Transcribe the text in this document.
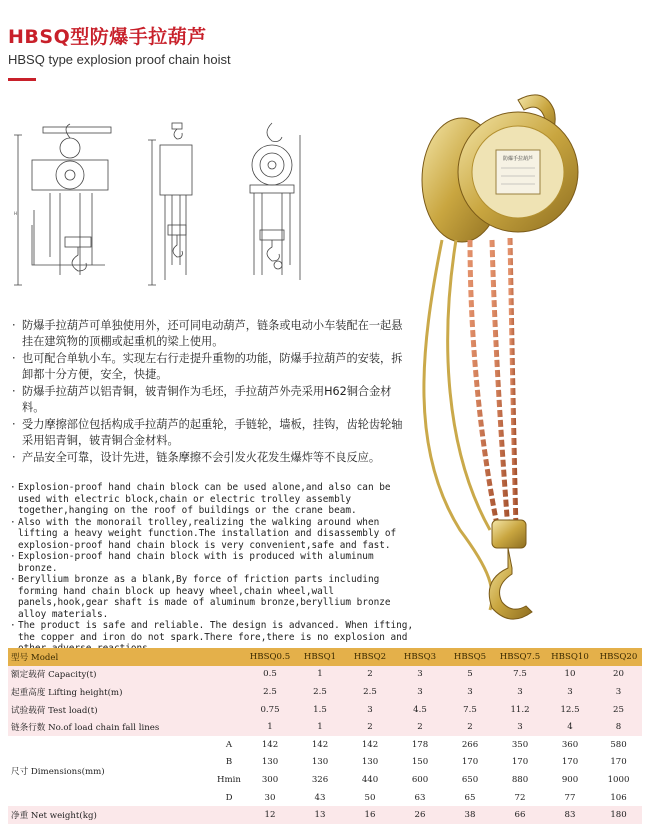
HBSQ型防爆手拉葫芦
HBSQ type explosion proof chain hoist
H
防爆手拉葫芦
· 防爆手拉葫芦可单独使用外，还可同电动葫芦，链条或电动小车装配在一起悬挂在建筑物的顶棚或起重机的梁上使用。
· 也可配合单轨小车。实现左右行走提升重物的功能，防爆手拉葫芦的安装，拆卸都十分方便，安全，快捷。
· 防爆手拉葫芦以铝青铜，铍青铜作为毛坯，手拉葫芦外壳采用H62铜合金材料。
· 受力摩擦部位包括构成手拉葫芦的起重轮，手链轮，墙板，挂钩，齿轮齿轮轴采用铝青铜，铍青铜合金材料。
· 产品安全可靠，设计先进，链条摩擦不会引发火花发生爆炸等不良反应。
· Explosion-proof hand chain block can be used alone,and also can be used with electric block,chain or electric trolley assembly together,hanging on the roof of buildings or the crane beam.
· Also with the monorail trolley,realizing the walking around when lifting a heavy weight function.The installation and disassembly of explosion-proof hand chain block is very convenient,safe and fast.
· Explosion-proof hand chain block with is produced with aluminum bronze.
· Beryllium bronze as a blank,By force of friction parts including forming hand chain block up heavy wheel,chain wheel,wall panels,hook,gear shaft is made of aluminum bronze,beryllium bronze alloy materials.
· The product is safe and reliable. The design is advanced. When ifting, the copper and iron do not spark.There fore,there is no explosion and
型号 Model		HBSQ0.5	HBSQ1	HBSQ2	HBSQ3	HBSQ5	HBSQ7.5	HBSQ10	HBSQ20
额定载荷 Capacity(t)		0.5	1	2	3	5	7.5	10	20
起重高度 Lifting height(m)		2.5	2.5	2.5	3	3	3	3	3
试验载荷 Test load(t)		0.75	1.5	3	4.5	7.5	11.2	12.5	25
链条行数 No.of load chain fall lines		1	1	2	2	2	3	4	8
尺寸 Dimensions(mm)	A	142	142	142	178	266	350	360	580
	B	130	130	130	150	170	170	170	170
	Hmin	300	326	440	600	650	880	900	1000
	D	30	43	50	63	65	72	77	106
净重 Net weight(kg)		12	13	16	26	38	66	83	180
